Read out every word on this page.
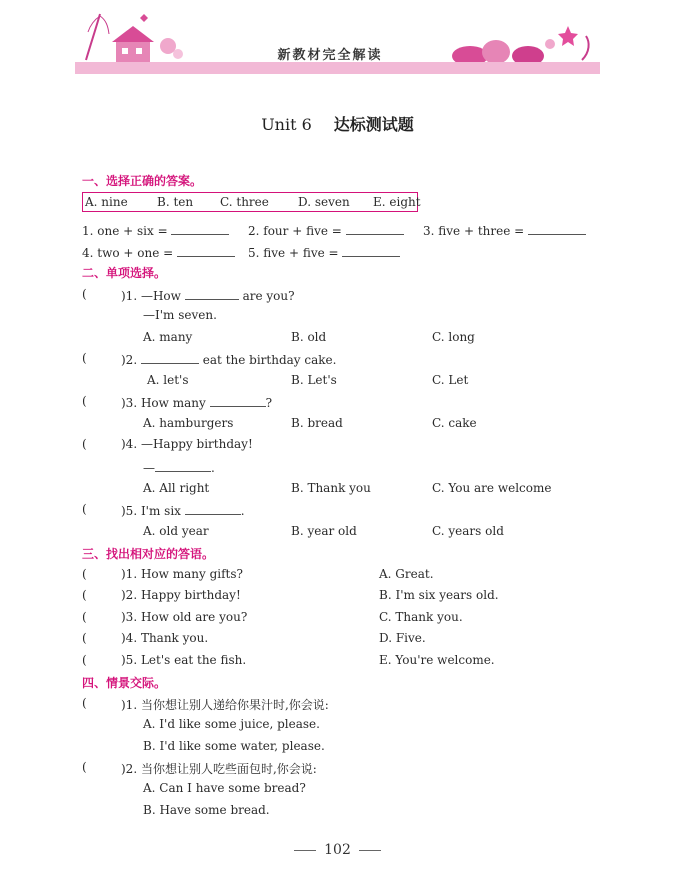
新教材完全解读
Unit 6 达标测试题
一、选择正确的答案。
A. nine B. ten C. three D. seven E. eight
1. one + six =	2. four + five =	3. five + three =
4. two + one =	5. five + five =
二、单项选择。
(	)1. —How	are you?
—I'm seven.
A. many	B. old	C. long
(	)2.	eat the birthday cake.
A. let's	B. Let's	C. Let
(	)3. How many	?
A. hamburgers	B. bread	C. cake
(	)4. —Happy birthday!
—	.
A. All right	B. Thank you	C. You are welcome
(	)5. I'm six	.
A. old year	B. year old	C. years old
三、找出相对应的答语。
(	)1. How many gifts?	A. Great.
(	)2. Happy birthday!	B. I'm six years old.
(	)3. How old are you?	C. Thank you.
(	)4. Thank you.	D. Five.
(	)5. Let's eat the fish.	E. You're welcome.
四、情景交际。
(	)1. 当你想让别人递给你果汁时,你会说:
A. I'd like some juice, please.
B. I'd like some water, please.
(	)2. 当你想让别人吃些面包时,你会说:
A. Can I have some bread?
B. Have some bread.
102
